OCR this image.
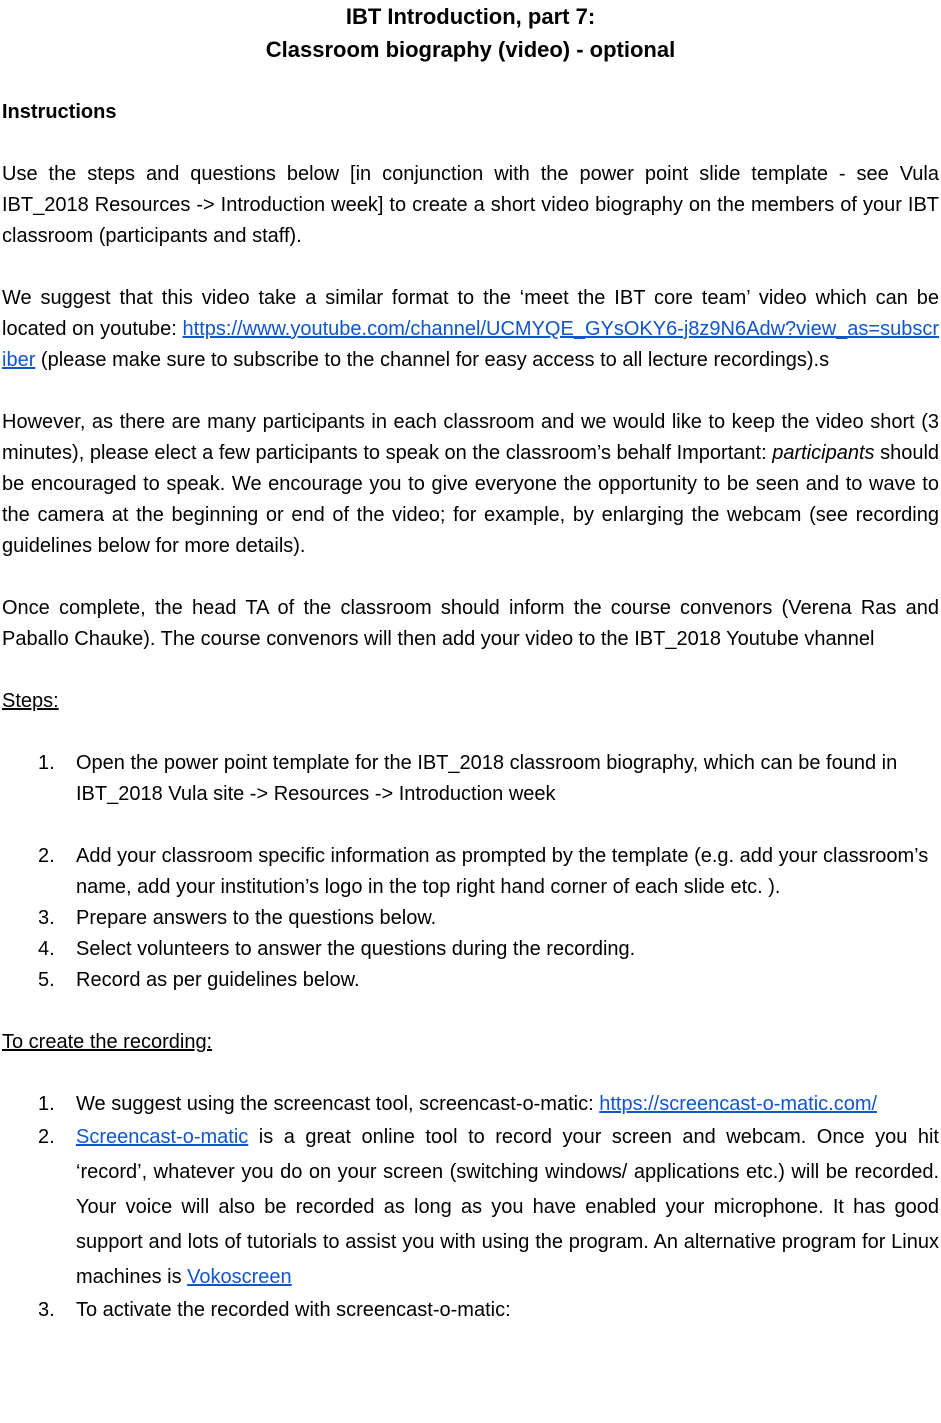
IBT Introduction, part 7:
Classroom biography (video) - optional

Instructions

Use the steps and questions below [in conjunction with the power point slide template - see Vula IBT_2018 Resources -> Introduction week] to create a short video biography on the members of your IBT classroom (participants and staff).

We suggest that this video take a similar format to the ‘meet the IBT core team’ video which can be located on youtube: https://www.youtube.com/channel/UCMYQE_GYsOKY6-j8z9N6Adw?view_as=subscriber (please make sure to subscribe to the channel for easy access to all lecture recordings).s

However, as there are many participants in each classroom and we would like to keep the video short (3 minutes), please elect a few participants to speak on the classroom’s behalf Important: participants should be encouraged to speak. We encourage you to give everyone the opportunity to be seen and to wave to the camera at the beginning or end of the video; for example, by enlarging the webcam (see recording guidelines below for more details).

Once complete, the head TA of the classroom should inform the course convenors (Verena Ras and Paballo Chauke). The course convenors will then add your video to the IBT_2018 Youtube vhannel

Steps:

1. Open the power point template for the IBT_2018 classroom biography, which can be found in IBT_2018 Vula site -> Resources -> Introduction week
2. Add your classroom specific information as prompted by the template (e.g. add your classroom’s name, add your institution’s logo in the top right hand corner of each slide etc. ).
3. Prepare answers to the questions below.
4. Select volunteers to answer the questions during the recording.
5. Record as per guidelines below.

To create the recording:

1. We suggest using the screencast tool, screencast-o-matic: https://screencast-o-matic.com/
2. Screencast-o-matic is a great online tool to record your screen and webcam. Once you hit ‘record’, whatever you do on your screen (switching windows/ applications etc.) will be recorded. Your voice will also be recorded as long as you have enabled your microphone. It has good support and lots of tutorials to assist you with using the program. An alternative program for Linux machines is Vokoscreen
3. To activate the recorded with screencast-o-matic:
